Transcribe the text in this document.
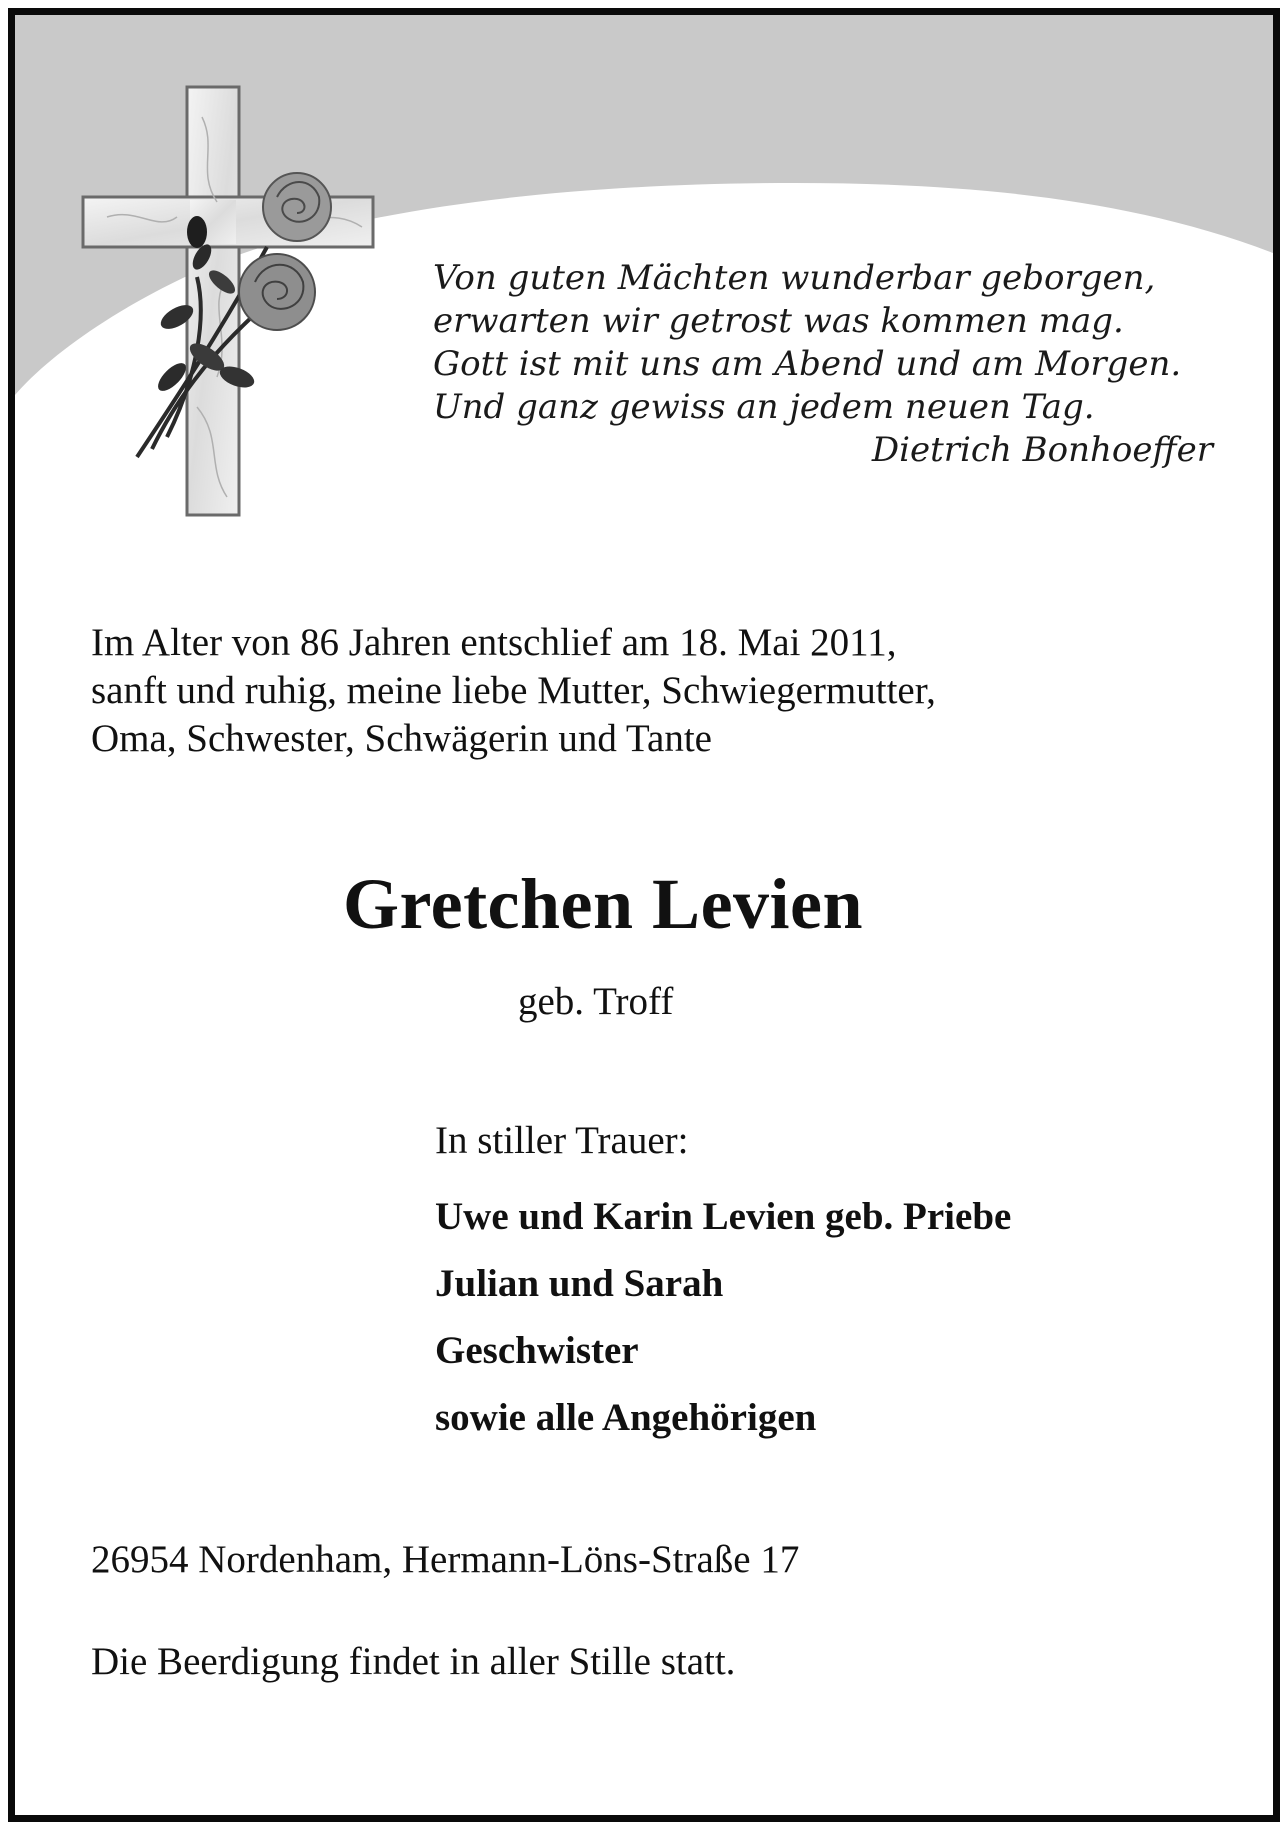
Von guten Mächten wunderbar geborgen,
erwarten wir getrost was kommen mag.
Gott ist mit uns am Abend und am Morgen.
Und ganz gewiss an jedem neuen Tag.
Dietrich Bonhoeffer
Im Alter von 86 Jahren entschlief am 18. Mai 2011,
sanft und ruhig, meine liebe Mutter, Schwiegermutter,
Oma, Schwester, Schwägerin und Tante
Gretchen Levien
geb. Troff
In stiller Trauer:
Uwe und Karin Levien geb. Priebe
Julian und Sarah
Geschwister
sowie alle Angehörigen
26954 Nordenham, Hermann-Löns-Straße 17
Die Beerdigung findet in aller Stille statt.
